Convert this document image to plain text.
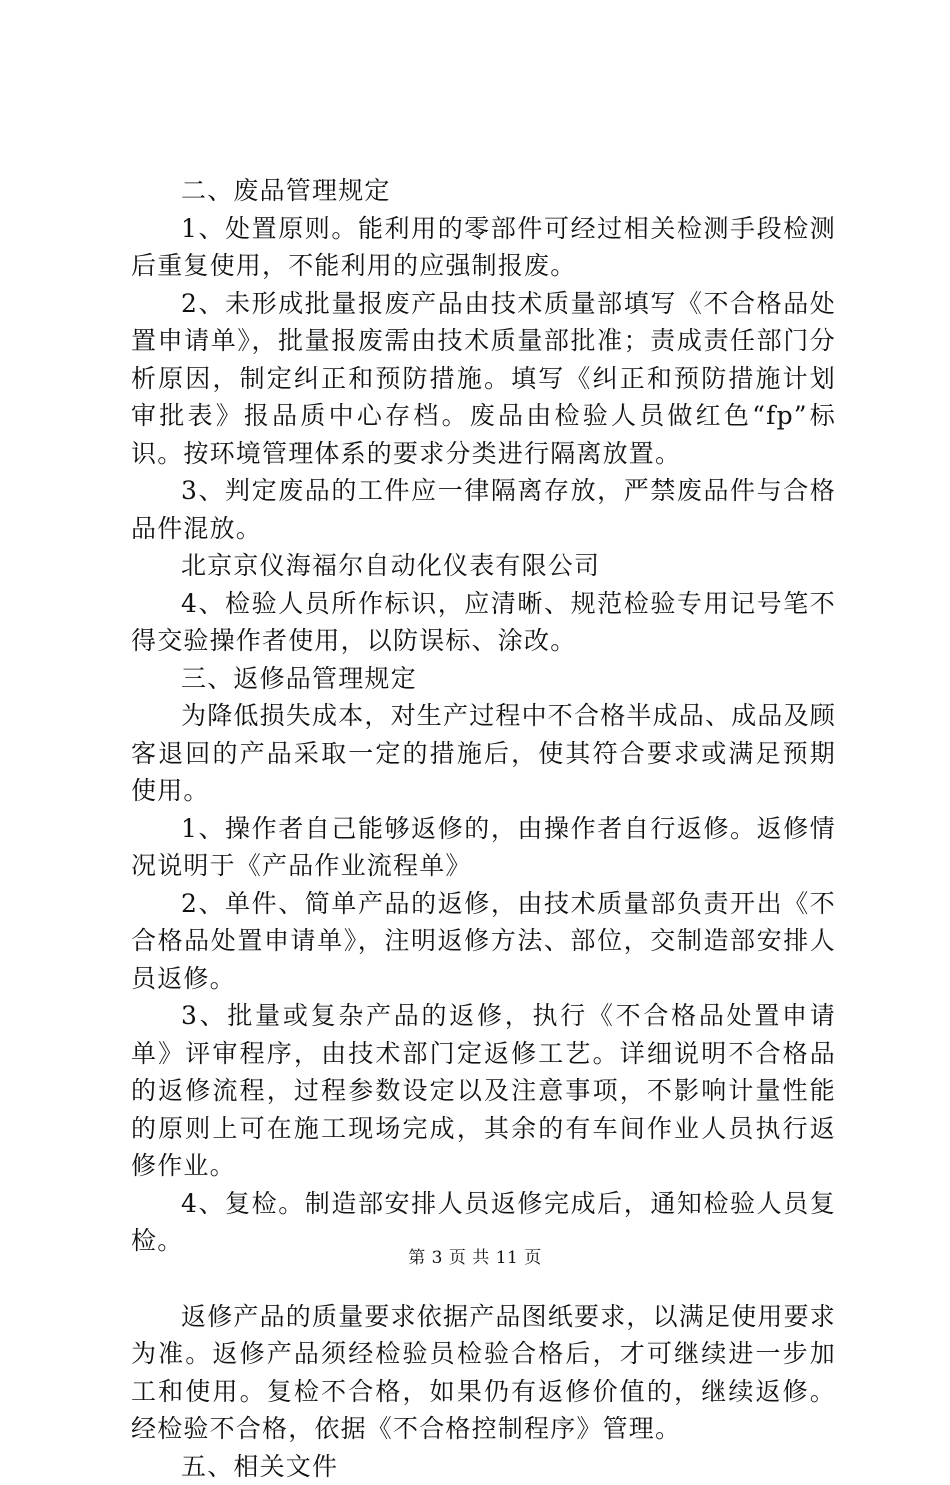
二、废品管理规定

1、处置原则。能利用的零部件可经过相关检测手段检测后重复使用，不能利用的应强制报废。

2、未形成批量报废产品由技术质量部填写《不合格品处置申请单》，批量报废需由技术质量部批准；责成责任部门分析原因，制定纠正和预防措施。填写《纠正和预防措施计划审批表》报品质中心存档。废品由检验人员做红色“fp”标识。按环境管理体系的要求分类进行隔离放置。

3、判定废品的工件应一律隔离存放，严禁废品件与合格品件混放。

北京京仪海福尔自动化仪表有限公司

4、检验人员所作标识，应清晰、规范检验专用记号笔不得交验操作者使用，以防误标、涂改。

三、返修品管理规定

为降低损失成本，对生产过程中不合格半成品、成品及顾客退回的产品采取一定的措施后，使其符合要求或满足预期使用。

1、操作者自己能够返修的，由操作者自行返修。返修情况说明于《产品作业流程单》

2、单件、简单产品的返修，由技术质量部负责开出《不合格品处置申请单》，注明返修方法、部位，交制造部安排人员返修。

3、批量或复杂产品的返修，执行《不合格品处置申请单》评审程序，由技术部门定返修工艺。详细说明不合格品的返修流程，过程参数设定以及注意事项，不影响计量性能的原则上可在施工现场完成，其余的有车间作业人员执行返修作业。

4、复检。制造部安排人员返修完成后，通知检验人员复检。

返修产品的质量要求依据产品图纸要求，以满足使用要求为准。返修产品须经检验员检验合格后，才可继续进一步加工和使用。复检不合格，如果仍有返修价值的，继续返修。经检验不合格，依据《不合格控制程序》管理。

五、相关文件

第 3 页 共 11 页
